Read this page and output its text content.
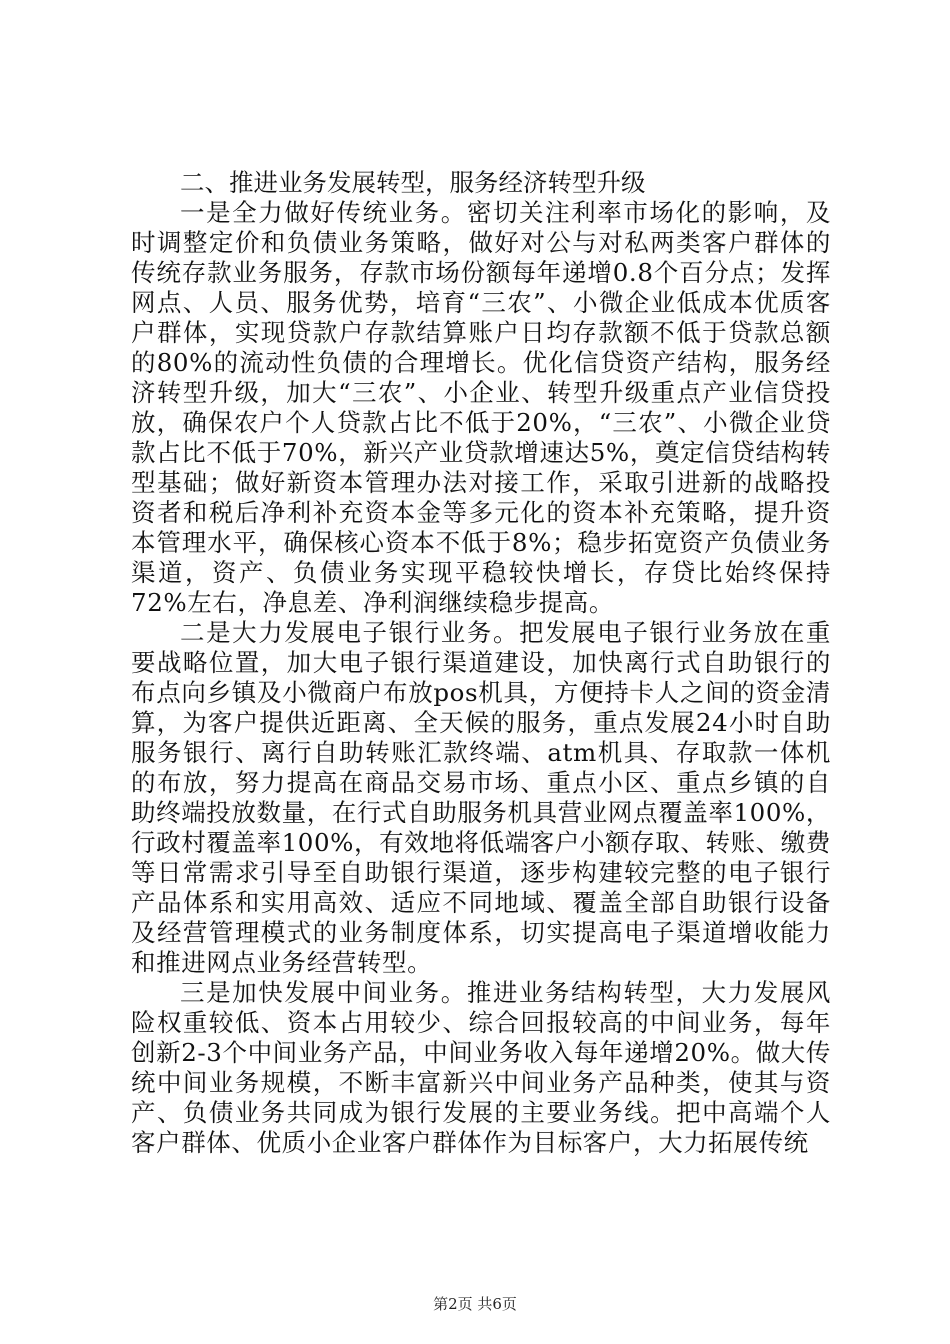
二、推进业务发展转型，服务经济转型升级

一是全力做好传统业务。密切关注利率市场化的影响，及时调整定价和负债业务策略，做好对公与对私两类客户群体的传统存款业务服务，存款市场份额每年递增0.8个百分点；发挥网点、人员、服务优势，培育“三农”、小微企业低成本优质客户群体，实现贷款户存款结算账户日均存款额不低于贷款总额的80%的流动性负债的合理增长。优化信贷资产结构，服务经济转型升级，加大“三农”、小企业、转型升级重点产业信贷投放，确保农户个人贷款占比不低于20%，“三农”、小微企业贷款占比不低于70%，新兴产业贷款增速达5%，奠定信贷结构转型基础；做好新资本管理办法对接工作，采取引进新的战略投资者和税后净利补充资本金等多元化的资本补充策略，提升资本管理水平，确保核心资本不低于8%；稳步拓宽资产负债业务渠道，资产、负债业务实现平稳较快增长，存贷比始终保持72%左右，净息差、净利润继续稳步提高。

二是大力发展电子银行业务。把发展电子银行业务放在重要战略位置，加大电子银行渠道建设，加快离行式自助银行的布点向乡镇及小微商户布放pos机具，方便持卡人之间的资金清算，为客户提供近距离、全天候的服务，重点发展24小时自助服务银行、离行自助转账汇款终端、atm机具、存取款一体机的布放，努力提高在商品交易市场、重点小区、重点乡镇的自助终端投放数量，在行式自助服务机具营业网点覆盖率100%，行政村覆盖率100%，有效地将低端客户小额存取、转账、缴费等日常需求引导至自助银行渠道，逐步构建较完整的电子银行产品体系和实用高效、适应不同地域、覆盖全部自助银行设备及经营管理模式的业务制度体系，切实提高电子渠道增收能力和推进网点业务经营转型。

三是加快发展中间业务。推进业务结构转型，大力发展风险权重较低、资本占用较少、综合回报较高的中间业务，每年创新2-3个中间业务产品，中间业务收入每年递增20%。做大传统中间业务规模，不断丰富新兴中间业务产品种类，使其与资产、负债业务共同成为银行发展的主要业务线。把中高端个人客户群体、优质小企业客户群体作为目标客户，大力拓展传统

第2页 共6页
